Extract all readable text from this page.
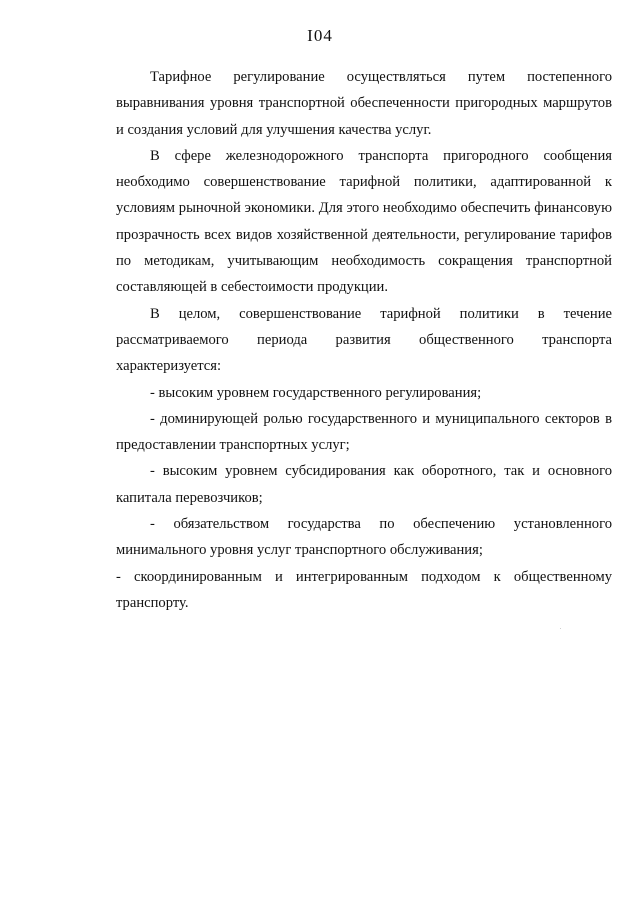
I04

Тарифное регулирование осуществляться путем постепенного выравнивания уровня транспортной обеспеченности пригородных маршрутов и создания условий для улучшения качества услуг.

В сфере железнодорожного транспорта пригородного сообщения необходимо совершенствование тарифной политики, адаптированной к условиям рыночной экономики. Для этого необходимо обеспечить финансовую прозрачность всех видов хозяйственной деятельности, регулирование тарифов по методикам, учитывающим необходимость сокращения транспортной составляющей в себестоимости продукции.

В целом, совершенствование тарифной политики в течение рассматриваемого периода развития общественного транспорта характеризуется:

- высоким уровнем государственного регулирования;

- доминирующей ролью государственного и муниципального секторов в предоставлении транспортных услуг;

- высоким уровнем субсидирования как оборотного, так и основного капитала перевозчиков;

- обязательством государства по обеспечению установленного минимального уровня услуг транспортного обслуживания;

- скоординированным и интегрированным подходом к общественному транспорту.
